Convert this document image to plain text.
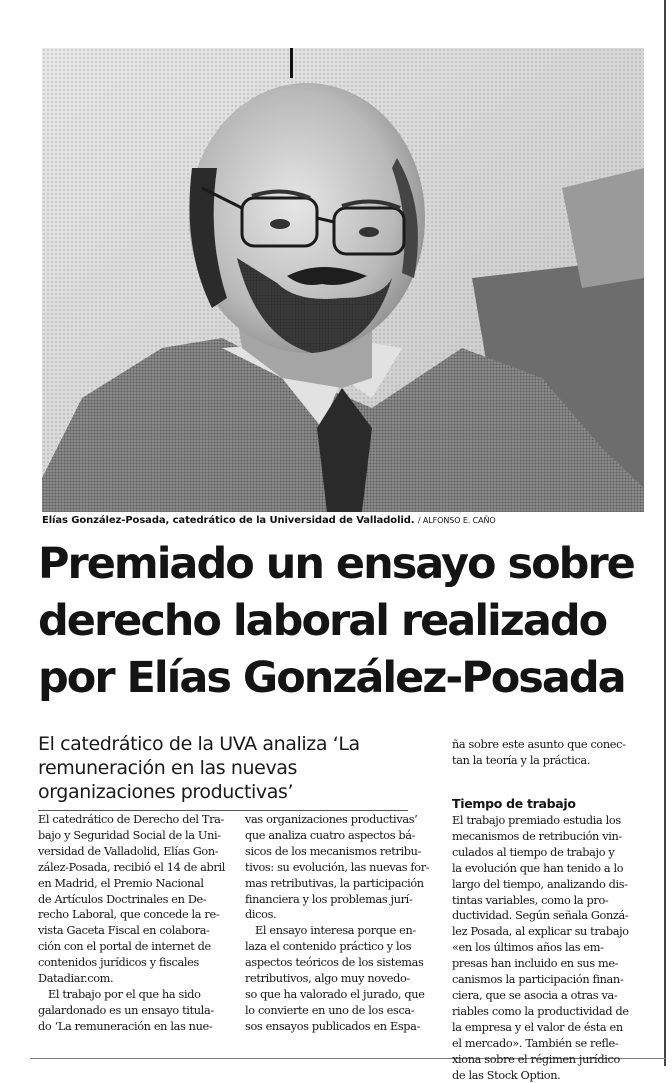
Elías González-Posada, catedrático de la Universidad de Valladolid. / ALFONSO E. CAÑO
Premiado un ensayo sobre
derecho laboral realizado
por Elías González-Posada
El catedrático de la UVA analiza ‘La
remuneración en las nuevas
organizaciones productivas’
El catedrático de Derecho del Tra-
bajo y Seguridad Social de la Uni-
versidad de Valladolid, Elías Gon-
zález-Posada, recibió el 14 de abril
en Madrid, el Premio Nacional
de Artículos Doctrinales en De-
recho Laboral, que concede la re-
vista Gaceta Fiscal en colabora-
ción con el portal de internet de
contenidos jurídicos y fiscales
Datadiar.com.
El trabajo por el que ha sido
galardonado es un ensayo titula-
do ‘La remuneración en las nue-
vas organizaciones productivas’
que analiza cuatro aspectos bá-
sicos de los mecanismos retribu-
tivos: su evolución, las nuevas for-
mas retributivas, la participación
financiera y los problemas jurí-
dicos.
El ensayo interesa porque en-
laza el contenido práctico y los
aspectos teóricos de los sistemas
retributivos, algo muy novedo-
so que ha valorado el jurado, que
lo convierte en uno de los esca-
sos ensayos publicados en Espa-
ña sobre este asunto que conec-
tan la teoría y la práctica.
Tiempo de trabajo
El trabajo premiado estudia los
mecanismos de retribución vin-
culados al tiempo de trabajo y
la evolución que han tenido a lo
largo del tiempo, analizando dis-
tintas variables, como la pro-
ductividad. Según señala Gonzá-
lez Posada, al explicar su trabajo
«en los últimos años las em-
presas han incluido en sus me-
canismos la participación finan-
ciera, que se asocia a otras va-
riables como la productividad de
la empresa y el valor de ésta en
el mercado». También se refle-
xiona sobre el régimen jurídico
de las Stock Option.
